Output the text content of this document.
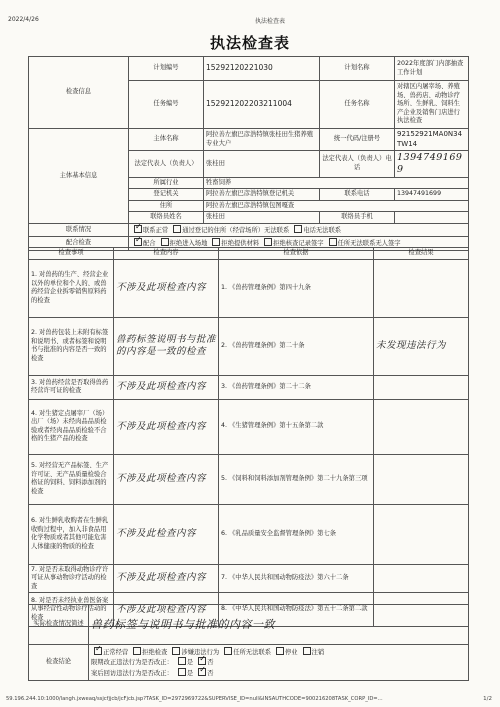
2022/4/26	执法检查表
执法检查表
检查信息	计划编号	15292120221030	计划名称	2022年度部门内部抽查工作计划
	任务编号	152921202203211004	任务名称	对辖区内屠宰场、养殖场、兽药店、动物诊疗场所、生鲜乳、饲料生产企业及销售门店进行执法检查
主体基本信息	主体名称	阿拉善左旗巴彦浩特镇张桂田生猪养殖专业大户	统一代码/注册号	92152921MA0N34TW14
	法定代表人（负责人）	张桂田	法定代表人（负责人）电话	13947491699
	所属行业	牲畜饲养		
	登记机关	阿拉善左旗巴彦浩特镇登记机关	联系电话	13947491699
	住所	阿拉善左旗巴彦浩特镇包图嘎查		
	联络员姓名	张桂田	联络员手机	
联系情况	✓联系正常 通过登记的住所（经营场所）无法联系 电话无法联系
配合检查	✓配合 拒绝进入场地 拒绝提供材料 拒绝核查记录签字 任所无法联系无人签字
检查事项	检查内容	检查依据	检查结果
1. 对兽药的生产、经营企业以外的单位和个人的、或兽药经营企业拆零销售原料药的检查	不涉及此项检查内容	1. 《兽药管理条例》第四十九条	
2. 对兽药包装上未附有标签和说明书、或者标签和说明书与批准的内容是否一致的检查	兽药标签说明书与批准的内容是一致的检查	2. 《兽药管理条例》第二十条	未发现违法行为
3. 对兽药经营是否取得兽药经营许可证的检查	不涉及此项检查内容	3. 《兽药管理条例》第二十二条	
4. 对生猪定点屠宰厂（场）出厂（场）未经肉品品质检验或者经肉品品质检验不合格的生猪产品的检查	不涉及此项检查内容	4. 《生猪管理条例》第十五条第二款	
5. 对经营无产品标签、生产许可证、无产品质量检验合格证的饲料、饲料添加剂的检查	不涉及此项检查内容	5. 《饲料和饲料添加剂管理条例》第二十九条第三项	
6. 对生鲜乳收购者在生鲜乳收购过程中，加入非食品用化学物质或者其他可能危害人体健康的物质的检查	不涉及此检查内容	6. 《乳品质量安全监督管理条例》第七条	
7. 对是否未取得动物诊疗许可证从事动物诊疗活动的检查	不涉及此项检查内容	7. 《中华人民共和国动物防疫法》第六十二条	
8. 对是否未经执业兽医备案从事经营性动物诊疗活动的检查	不涉及此项检查内容	8. 《中华人民共和国动物防疫法》第五十二条第二款	
实际检查情况简述	兽药标签与说明书与批准的内容一致
检查结论	
✓正常经营 拒绝检查 涉嫌违法行为 任所无法联系 停业 注销
限期改正违法行为是否改正： 是 ✓ 否
案后回访违法行为是否改正： 是 ✓ 否
59.196.244.10:1000/langh.jxweaq/ssjcfjjcb/jcFjcb.jsp?TASK_ID=2972969722&SUPERVISE_ID=null&INSAUTHCODE=900216208TASK_CORP_ID=...	1/2
